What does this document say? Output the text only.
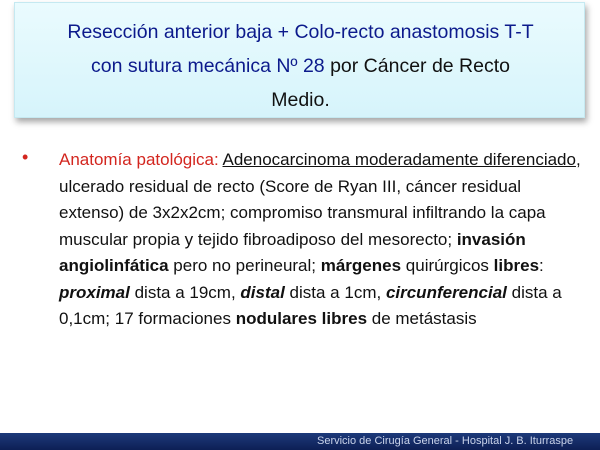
Resección anterior baja + Colo-recto anastomosis T-T
con sutura mecánica Nº 28 por Cáncer de Recto
Medio.
• Anatomía patológica: Adenocarcinoma moderadamente diferenciado, ulcerado residual de recto (Score de Ryan III, cáncer residual extenso) de 3x2x2cm; compromiso transmural infiltrando la capa muscular propia y tejido fibroadiposo del mesorecto; invasión angiolinfática pero no perineural; márgenes quirúrgicos libres: proximal dista a 19cm, distal dista a 1cm, circunferencial dista a 0,1cm; 17 formaciones nodulares libres de metástasis
Servicio de Cirugía General - Hospital J. B. Iturraspe
